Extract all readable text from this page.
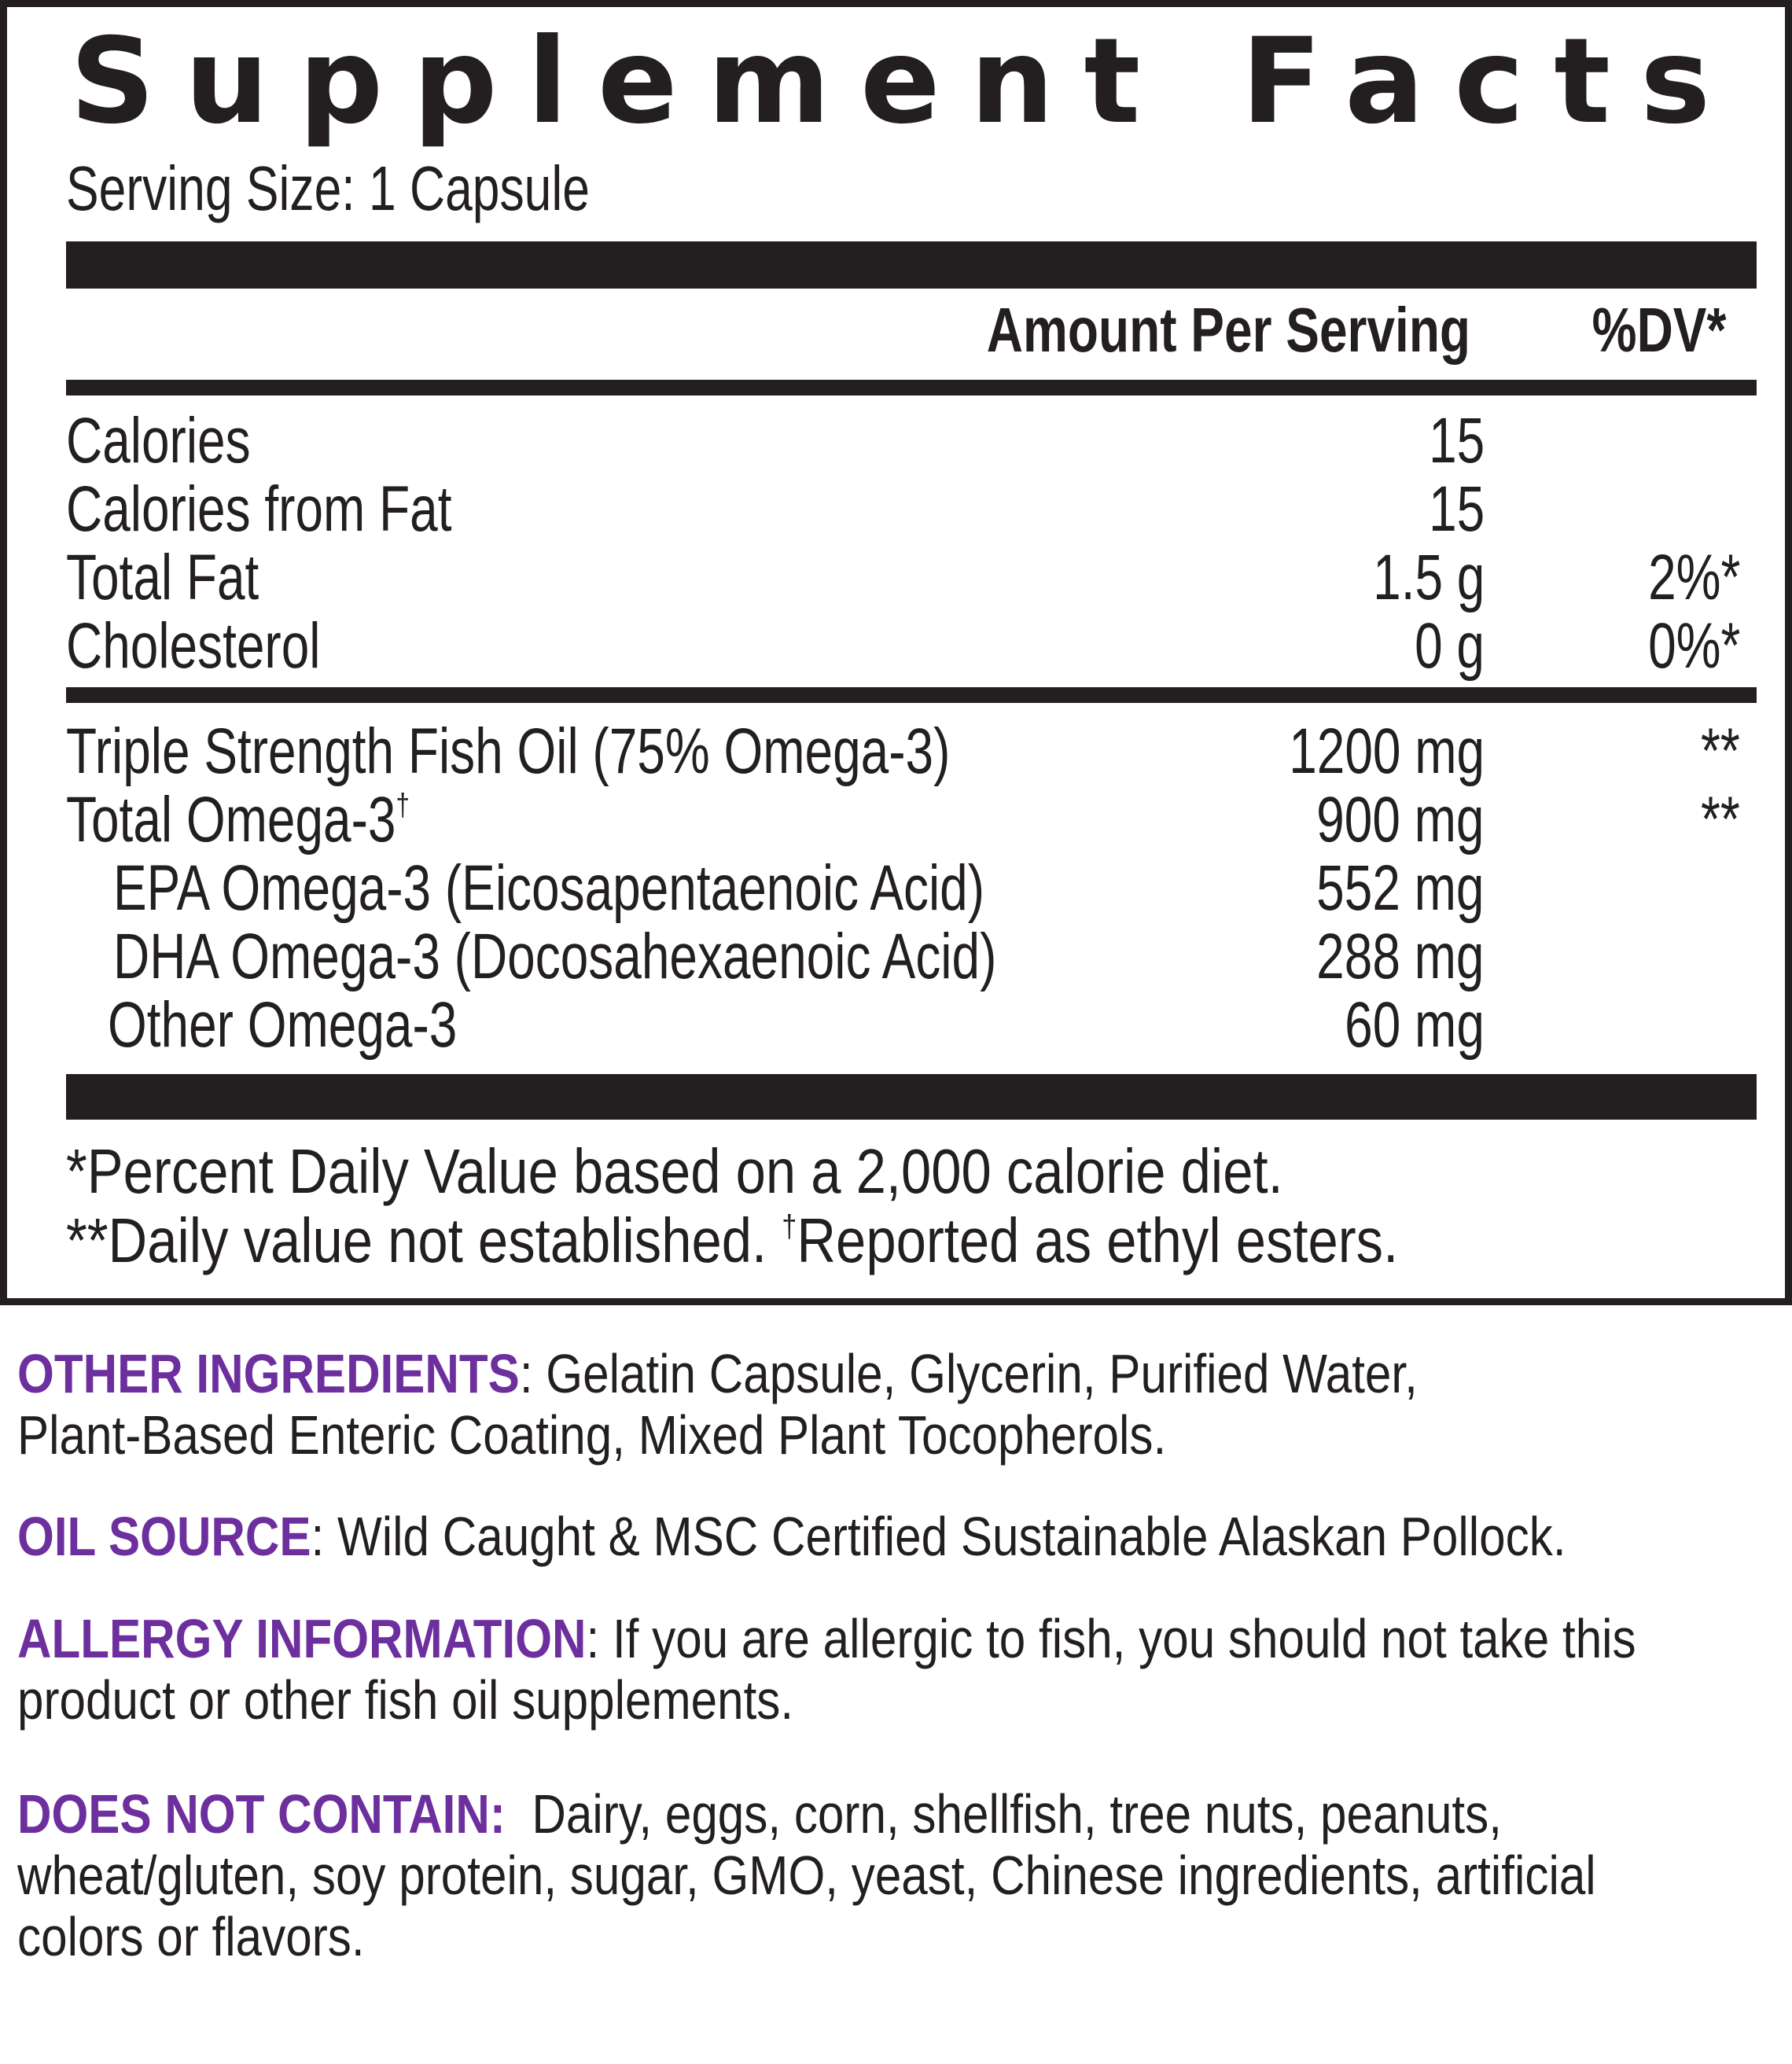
Supplement Facts
Serving Size: 1 Capsule
Amount Per Serving %DV*
Calories	15
Calories from Fat	15
Total Fat	1.5 g	2%*
Cholesterol	0 g	0%*
Triple Strength Fish Oil (75% Omega-3)	1200 mg	**
Total Omega-3†	900 mg	**
EPA Omega-3 (Eicosapentaenoic Acid)	552 mg
DHA Omega-3 (Docosahexaenoic Acid)	288 mg
Other Omega-3	60 mg
*Percent Daily Value based on a 2,000 calorie diet.
**Daily value not established. †Reported as ethyl esters.
OTHER INGREDIENTS: Gelatin Capsule, Glycerin, Purified Water,
Plant-Based Enteric Coating, Mixed Plant Tocopherols.
OIL SOURCE: Wild Caught & MSC Certified Sustainable Alaskan Pollock.
ALLERGY INFORMATION: If you are allergic to fish, you should not take this
product or other fish oil supplements.
DOES NOT CONTAIN:  Dairy, eggs, corn, shellfish, tree nuts, peanuts,
wheat/gluten, soy protein, sugar, GMO, yeast, Chinese ingredients, artificial
colors or flavors.
